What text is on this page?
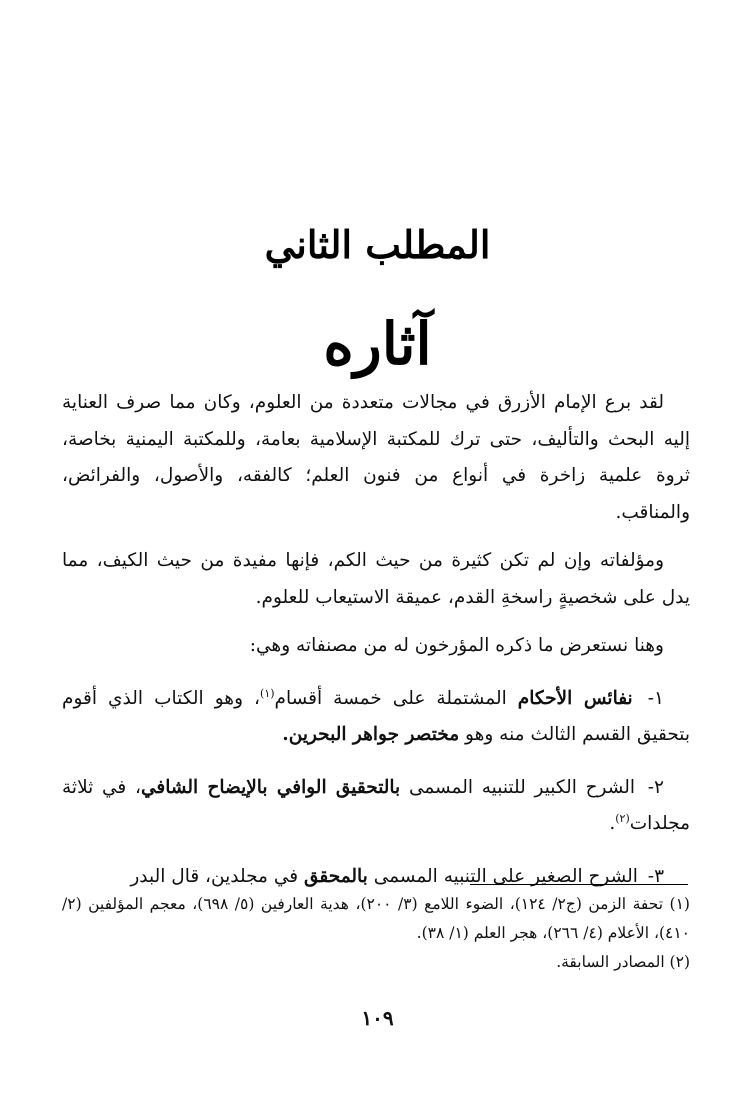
المطلب الثاني
آثاره

لقد برع الإمام الأزرق في مجالات متعددة من العلوم، وكان مما صرف العناية إليه البحث والتأليف، حتى ترك للمكتبة الإسلامية بعامة، وللمكتبة اليمنية بخاصة، ثروة علمية زاخرة في أنواع من فنون العلم؛ كالفقه، والأصول، والفرائض، والمناقب.

ومؤلفاته وإن لم تكن كثيرة من حيث الكم، فإنها مفيدة من حيث الكيف، مما يدل على شخصيةٍ راسخةِ القدم، عميقة الاستيعاب للعلوم.

وهنا نستعرض ما ذكره المؤرخون له من مصنفاته وهي:

١- نفائس الأحكام المشتملة على خمسة أقسام$^{(١)}$، وهو الكتاب الذي أقوم بتحقيق القسم الثالث منه وهو مختصر جواهر البحرين.

٢- الشرح الكبير للتنبيه المسمى بالتحقيق الوافي بالإيضاح الشافي، في ثلاثة مجلدات$^{(٢)}$.

٣- الشرح الصغير على التنبيه المسمى بالمحقق في مجلدين، قال البدر

(١) تحفة الزمن (ج٢/ ١٢٤)، الضوء اللامع (٣/ ٢٠٠)، هدية العارفين (٥/ ٦٩٨)، معجم المؤلفين (٢/ ٤١٠)، الأعلام (٤/ ٢٦٦)، هجر العلم (١/ ٣٨).

(٢) المصادر السابقة.

١٠٩
